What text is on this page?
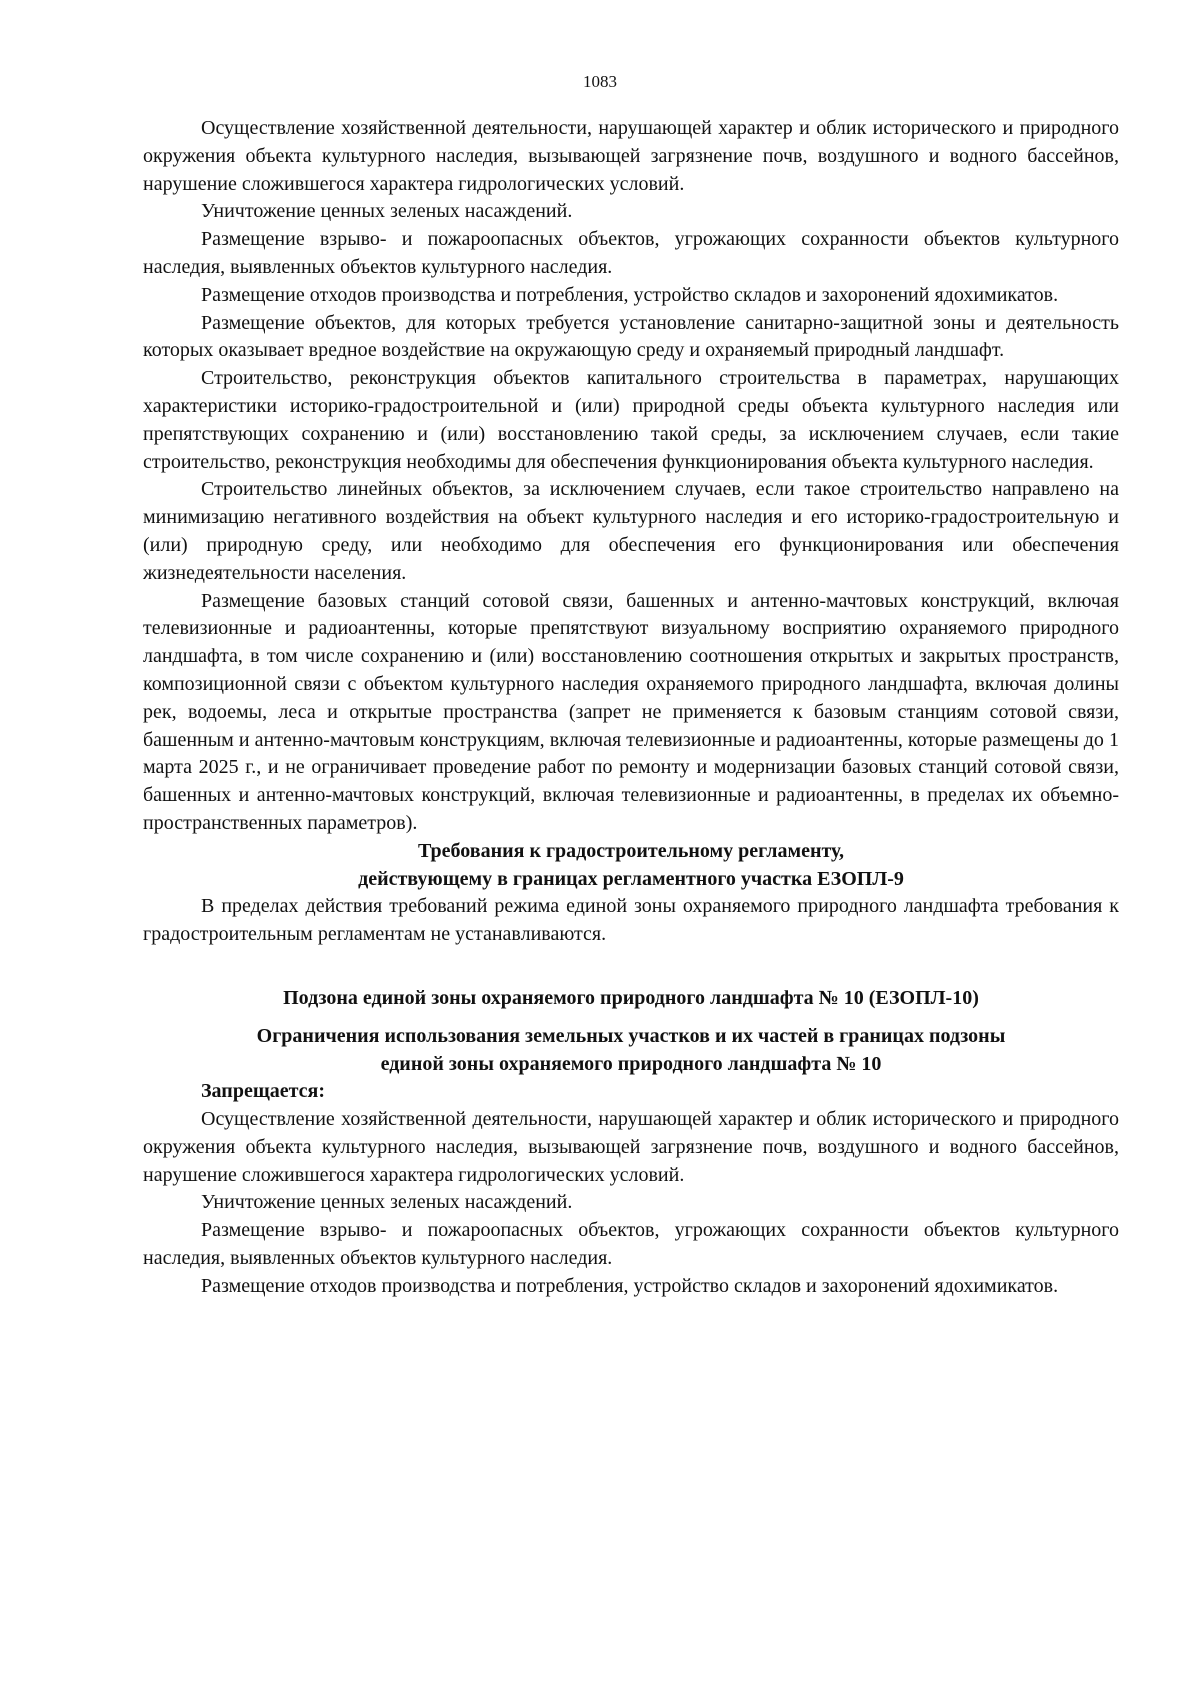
1083

Осуществление хозяйственной деятельности, нарушающей характер и облик исторического и природного окружения объекта культурного наследия, вызывающей загрязнение почв, воздушного и водного бассейнов, нарушение сложившегося характера гидрологических условий.

Уничтожение ценных зеленых насаждений.

Размещение взрыво- и пожароопасных объектов, угрожающих сохранности объектов культурного наследия, выявленных объектов культурного наследия.

Размещение отходов производства и потребления, устройство складов и захоронений ядохимикатов.

Размещение объектов, для которых требуется установление санитарно-защитной зоны и деятельность которых оказывает вредное воздействие на окружающую среду и охраняемый природный ландшафт.

Строительство, реконструкция объектов капитального строительства в параметрах, нарушающих характеристики историко-градостроительной и (или) природной среды объекта культурного наследия или препятствующих сохранению и (или) восстановлению такой среды, за исключением случаев, если такие строительство, реконструкция необходимы для обеспечения функционирования объекта культурного наследия.

Строительство линейных объектов, за исключением случаев, если такое строительство направлено на минимизацию негативного воздействия на объект культурного наследия и его историко-градостроительную и (или) природную среду, или необходимо для обеспечения его функционирования или обеспечения жизнедеятельности населения.

Размещение базовых станций сотовой связи, башенных и антенно-мачтовых конструкций, включая телевизионные и радиоантенны, которые препятствуют визуальному восприятию охраняемого природного ландшафта, в том числе сохранению и (или) восстановлению соотношения открытых и закрытых пространств, композиционной связи с объектом культурного наследия охраняемого природного ландшафта, включая долины рек, водоемы, леса и открытые пространства (запрет не применяется к базовым станциям сотовой связи, башенным и антенно-мачтовым конструкциям, включая телевизионные и радиоантенны, которые размещены до 1 марта 2025 г., и не ограничивает проведение работ по ремонту и модернизации базовых станций сотовой связи, башенных и антенно-мачтовых конструкций, включая телевизионные и радиоантенны, в пределах их объемно-пространственных параметров).

Требования к градостроительному регламенту,

действующему в границах регламентного участка ЕЗОПЛ-9

В пределах действия требований режима единой зоны охраняемого природного ландшафта требования к градостроительным регламентам не устанавливаются.

Подзона единой зоны охраняемого природного ландшафта № 10 (ЕЗОПЛ-10)

Ограничения использования земельных участков и их частей в границах подзоны

единой зоны охраняемого природного ландшафта № 10

Запрещается:

Осуществление хозяйственной деятельности, нарушающей характер и облик исторического и природного окружения объекта культурного наследия, вызывающей загрязнение почв, воздушного и водного бассейнов, нарушение сложившегося характера гидрологических условий.

Уничтожение ценных зеленых насаждений.

Размещение взрыво- и пожароопасных объектов, угрожающих сохранности объектов культурного наследия, выявленных объектов культурного наследия.

Размещение отходов производства и потребления, устройство складов и захоронений ядохимикатов.
